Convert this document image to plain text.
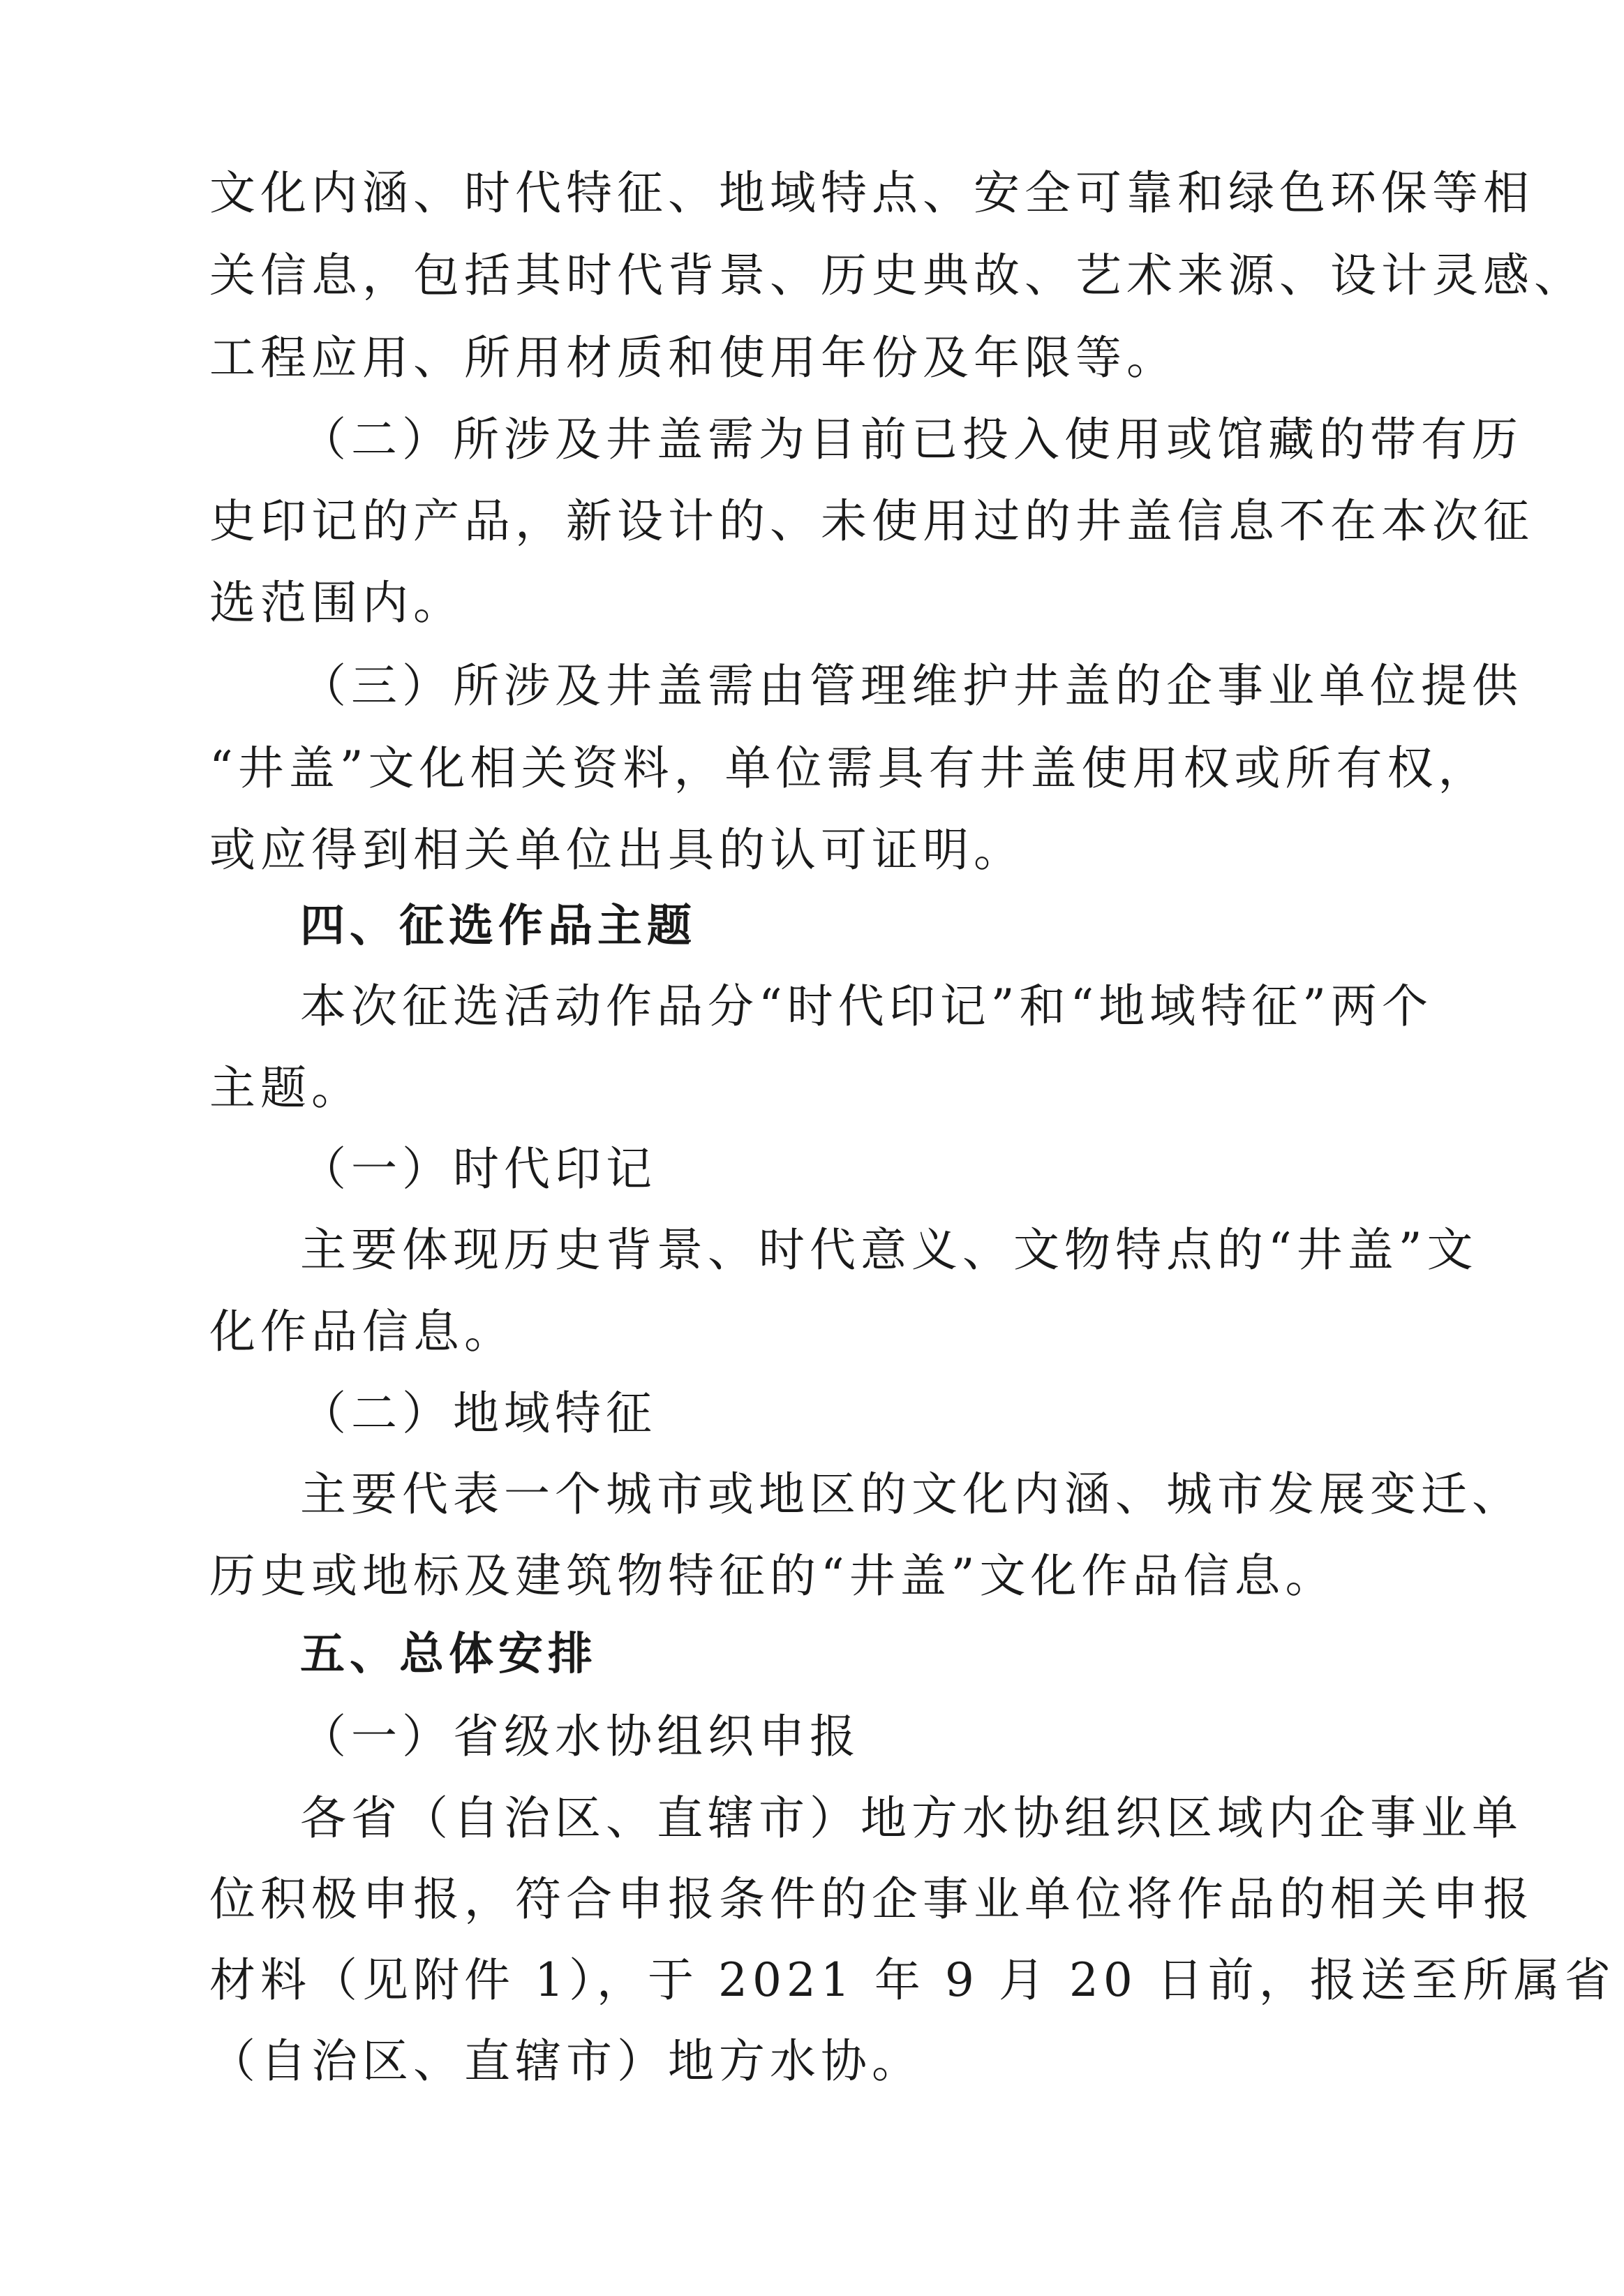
文化内涵、时代特征、地域特点、安全可靠和绿色环保等相
关信息，包括其时代背景、历史典故、艺术来源、设计灵感、
工程应用、所用材质和使用年份及年限等。
（二）所涉及井盖需为目前已投入使用或馆藏的带有历
史印记的产品，新设计的、未使用过的井盖信息不在本次征
选范围内。
（三）所涉及井盖需由管理维护井盖的企事业单位提供
“井盖”文化相关资料，单位需具有井盖使用权或所有权，
或应得到相关单位出具的认可证明。
四、征选作品主题
本次征选活动作品分“时代印记”和“地域特征”两个
主题。
（一）时代印记
主要体现历史背景、时代意义、文物特点的“井盖”文
化作品信息。
（二）地域特征
主要代表一个城市或地区的文化内涵、城市发展变迁、
历史或地标及建筑物特征的“井盖”文化作品信息。
五、总体安排
（一）省级水协组织申报
各省（自治区、直辖市）地方水协组织区域内企事业单
位积极申报，符合申报条件的企事业单位将作品的相关申报
材料（见附件 1），于 2021 年 9 月 20 日前，报送至所属省
（自治区、直辖市）地方水协。
